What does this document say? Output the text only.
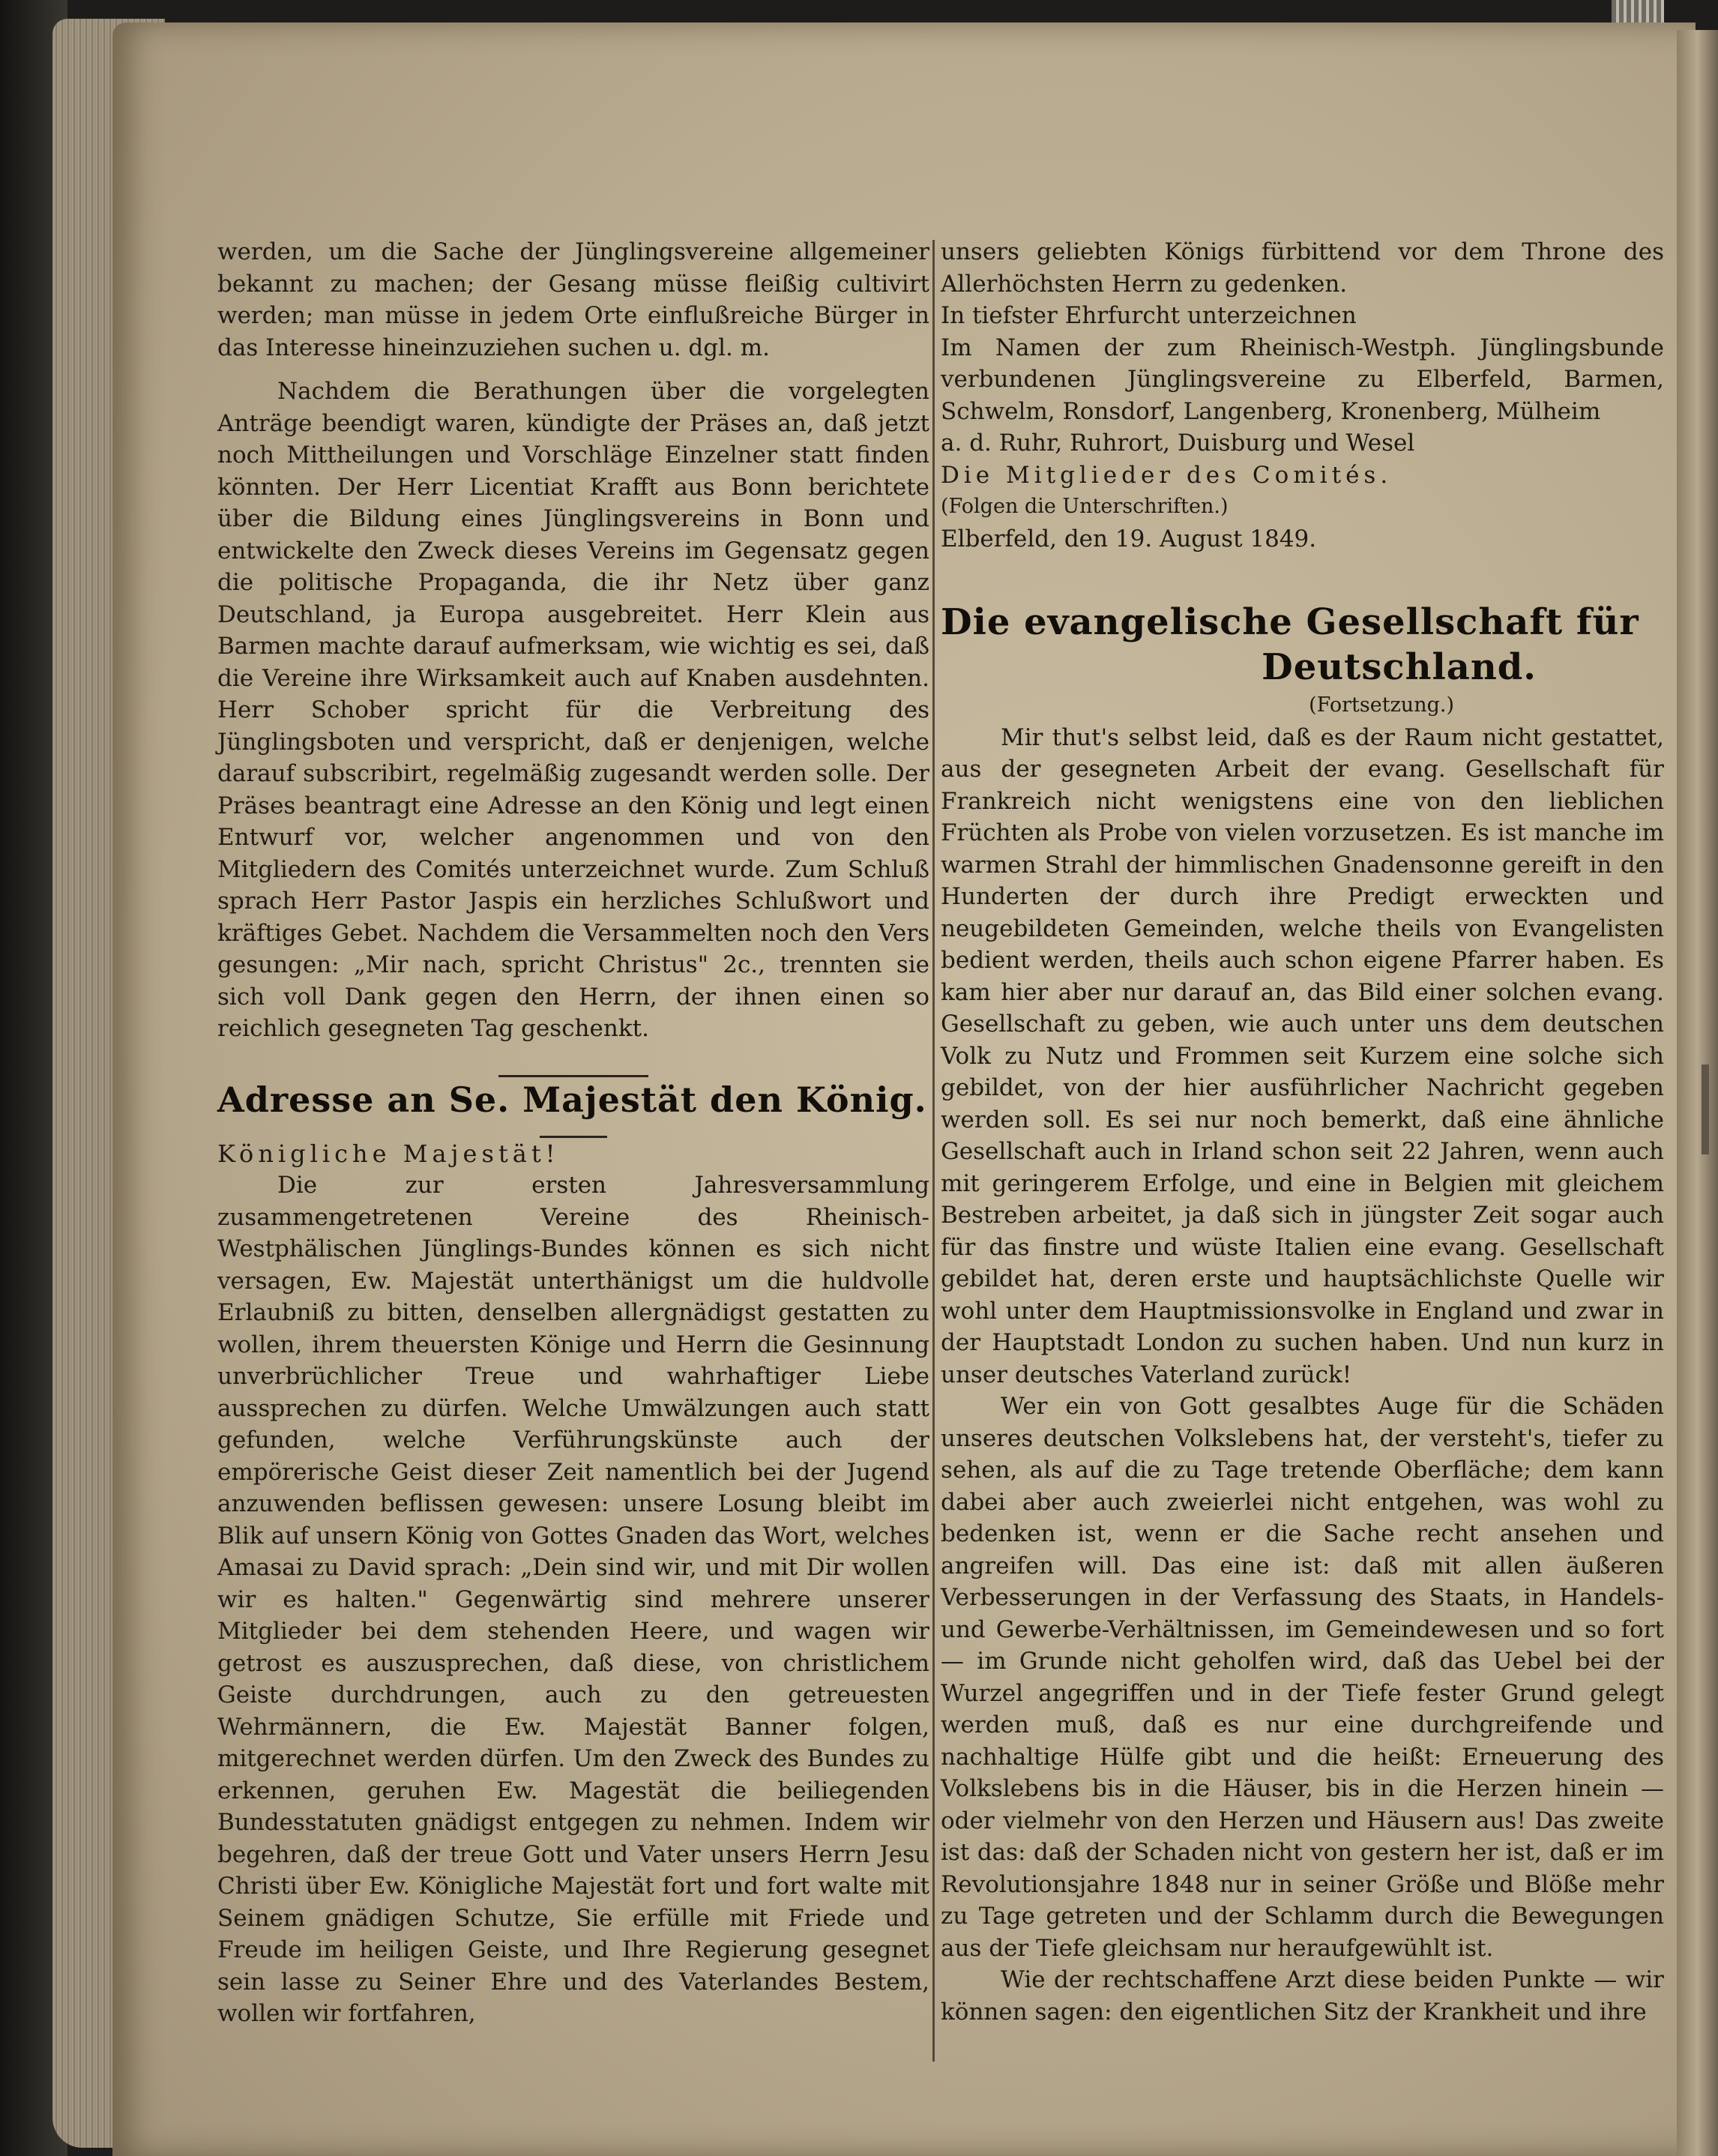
werden, um die Sache der Jünglingsvereine allgemeiner bekannt zu machen; der Gesang müsse fleißig cultivirt werden; man müsse in jedem Orte einflußreiche Bürger in das Interesse hineinzuziehen suchen u. dgl. m.

Nachdem die Berathungen über die vorgelegten Anträge beendigt waren, kündigte der Präses an, daß jetzt noch Mittheilungen und Vorschläge Einzelner statt finden könnten. Der Herr Licentiat Krafft aus Bonn berichtete über die Bildung eines Jünglingsvereins in Bonn und entwickelte den Zweck dieses Vereins im Gegensatz gegen die politische Propaganda, die ihr Netz über ganz Deutschland, ja Europa ausgebreitet. Herr Klein aus Barmen machte darauf aufmerksam, wie wichtig es sei, daß die Vereine ihre Wirksamkeit auch auf Knaben ausdehnten. Herr Schober spricht für die Verbreitung des Jünglingsboten und verspricht, daß er denjenigen, welche darauf subscribirt, regelmäßig zugesandt werden solle. Der Präses beantragt eine Adresse an den König und legt einen Entwurf vor, welcher angenommen und von den Mitgliedern des Comités unterzeichnet wurde. Zum Schluß sprach Herr Pastor Jaspis ein herzliches Schlußwort und kräftiges Gebet. Nachdem die Versammelten noch den Vers gesungen: „Mir nach, spricht Christus" 2c., trennten sie sich voll Dank gegen den Herrn, der ihnen einen so reichlich gesegneten Tag geschenkt.

Adresse an Se. Majestät den König.

Königliche Majestät!

Die zur ersten Jahresversammlung zusammengetretenen Vereine des Rheinisch-Westphälischen Jünglings-Bundes können es sich nicht versagen, Ew. Majestät unterthänigst um die huldvolle Erlaubniß zu bitten, denselben allergnädigst gestatten zu wollen, ihrem theuersten Könige und Herrn die Gesinnung unverbrüchlicher Treue und wahrhaftiger Liebe aussprechen zu dürfen. Welche Umwälzungen auch statt gefunden, welche Verführungskünste auch der empörerische Geist dieser Zeit namentlich bei der Jugend anzuwenden beflissen gewesen: unsere Losung bleibt im Blik auf unsern König von Gottes Gnaden das Wort, welches Amasai zu David sprach: „Dein sind wir, und mit Dir wollen wir es halten." Gegenwärtig sind mehrere unserer Mitglieder bei dem stehenden Heere, und wagen wir getrost es auszusprechen, daß diese, von christlichem Geiste durchdrungen, auch zu den getreuesten Wehrmännern, die Ew. Majestät Banner folgen, mitgerechnet werden dürfen. Um den Zweck des Bundes zu erkennen, geruhen Ew. Magestät die beiliegenden Bundesstatuten gnädigst entgegen zu nehmen. Indem wir begehren, daß der treue Gott und Vater unsers Herrn Jesu Christi über Ew. Königliche Majestät fort und fort walte mit Seinem gnädigen Schutze, Sie erfülle mit Friede und Freude im heiligen Geiste, und Ihre Regierung gesegnet sein lasse zu Seiner Ehre und des Vaterlandes Bestem, wollen wir fortfahren,

unsers geliebten Königs fürbittend vor dem Throne des Allerhöchsten Herrn zu gedenken.

In tiefster Ehrfurcht unterzeichnen

Im Namen der zum Rheinisch-Westph. Jünglingsbunde verbundenen Jünglingsvereine zu Elberfeld, Barmen, Schwelm, Ronsdorf, Langenberg, Kronenberg, Mülheim

a. d. Ruhr, Ruhrort, Duisburg und Wesel

Die Mitglieder des Comités.

(Folgen die Unterschriften.)

Elberfeld, den 19. August 1849.

Die evangelische Gesellschaft für

Deutschland.

(Fortsetzung.)

Mir thut's selbst leid, daß es der Raum nicht gestattet, aus der gesegneten Arbeit der evang. Gesellschaft für Frankreich nicht wenigstens eine von den lieblichen Früchten als Probe von vielen vorzusetzen. Es ist manche im warmen Strahl der himmlischen Gnadensonne gereift in den Hunderten der durch ihre Predigt erweckten und neugebildeten Gemeinden, welche theils von Evangelisten bedient werden, theils auch schon eigene Pfarrer haben. Es kam hier aber nur darauf an, das Bild einer solchen evang. Gesellschaft zu geben, wie auch unter uns dem deutschen Volk zu Nutz und Frommen seit Kurzem eine solche sich gebildet, von der hier ausführlicher Nachricht gegeben werden soll. Es sei nur noch bemerkt, daß eine ähnliche Gesellschaft auch in Irland schon seit 22 Jahren, wenn auch mit geringerem Erfolge, und eine in Belgien mit gleichem Bestreben arbeitet, ja daß sich in jüngster Zeit sogar auch für das finstre und wüste Italien eine evang. Gesellschaft gebildet hat, deren erste und hauptsächlichste Quelle wir wohl unter dem Hauptmissionsvolke in England und zwar in der Hauptstadt London zu suchen haben. Und nun kurz in unser deutsches Vaterland zurück!

Wer ein von Gott gesalbtes Auge für die Schäden unseres deutschen Volkslebens hat, der versteht's, tiefer zu sehen, als auf die zu Tage tretende Oberfläche; dem kann dabei aber auch zweierlei nicht entgehen, was wohl zu bedenken ist, wenn er die Sache recht ansehen und angreifen will. Das eine ist: daß mit allen äußeren Verbesserungen in der Verfassung des Staats, in Handels- und Gewerbe-Verhältnissen, im Gemeindewesen und so fort — im Grunde nicht geholfen wird, daß das Uebel bei der Wurzel angegriffen und in der Tiefe fester Grund gelegt werden muß, daß es nur eine durchgreifende und nachhaltige Hülfe gibt und die heißt: Erneuerung des Volkslebens bis in die Häuser, bis in die Herzen hinein — oder vielmehr von den Herzen und Häusern aus! Das zweite ist das: daß der Schaden nicht von gestern her ist, daß er im Revolutionsjahre 1848 nur in seiner Größe und Blöße mehr zu Tage getreten und der Schlamm durch die Bewegungen aus der Tiefe gleichsam nur heraufgewühlt ist.

Wie der rechtschaffene Arzt diese beiden Punkte — wir können sagen: den eigentlichen Sitz der Krankheit und ihre
